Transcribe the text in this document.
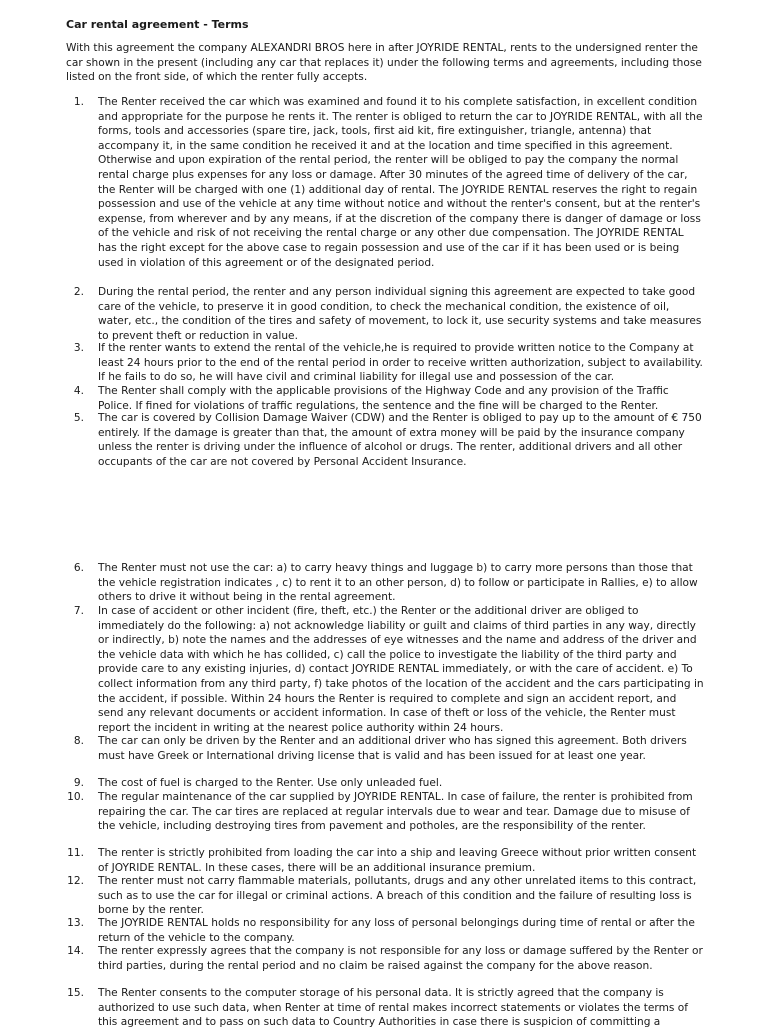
Car rental agreement - Terms
With this agreement the company ALEXANDRI BROS here in after JOYRIDE RENTAL, rents to the undersigned renter the car shown in the present (including any car that replaces it) under the following terms and agreements, including those listed on the front side, of which the renter fully accepts.
1. The Renter received the car which was examined and found it to his complete satisfaction, in excellent condition and appropriate for the purpose he rents it. The renter is obliged to return the car to JOYRIDE RENTAL, with all the forms, tools and accessories (spare tire, jack, tools, first aid kit, fire extinguisher, triangle, antenna) that accompany it, in the same condition he received it and at the location and time specified in this agreement. Otherwise and upon expiration of the rental period, the renter will be obliged to pay the company the normal rental charge plus expenses for any loss or damage. After 30 minutes of the agreed time of delivery of the car, the Renter will be charged with one (1) additional day of rental. The JOYRIDE RENTAL reserves the right to regain possession and use of the vehicle at any time without notice and without the renter's consent, but at the renter's expense, from wherever and by any means, if at the discretion of the company there is danger of damage or loss of the vehicle and risk of not receiving the rental charge or any other due compensation. The JOYRIDE RENTAL has the right except for the above case to regain possession and use of the car if it has been used or is being used in violation of this agreement or of the designated period.
2. During the rental period, the renter and any person individual signing this agreement are expected to take good care of the vehicle, to preserve it in good condition, to check the mechanical condition, the existence of oil, water, etc., the condition of the tires and safety of movement, to lock it, use security systems and take measures to prevent theft or reduction in value.
3. If the renter wants to extend the rental of the vehicle,he is required to provide written notice to the Company at least 24 hours prior to the end of the rental period in order to receive written authorization, subject to availability. If he fails to do so, he will have civil and criminal liability for illegal use and possession of the car.
4. The Renter shall comply with the applicable provisions of the Highway Code and any provision of the Traffic Police. If fined for violations of traffic regulations, the sentence and the fine will be charged to the Renter.
5. The car is covered by Collision Damage Waiver (CDW) and the Renter is obliged to pay up to the amount of € 750 entirely. If the damage is greater than that, the amount of extra money will be paid by the insurance company unless the renter is driving under the influence of alcohol or drugs. The renter, additional drivers and all other occupants of the car are not covered by Personal Accident Insurance.
6. The Renter must not use the car: a) to carry heavy things and luggage b) to carry more persons than those that the vehicle registration indicates , c) to rent it to an other person, d) to follow or participate in Rallies, e) to allow others to drive it without being in the rental agreement.
7. In case of accident or other incident (fire, theft, etc.) the Renter or the additional driver are obliged to immediately do the following: a) not acknowledge liability or guilt and claims of third parties in any way, directly or indirectly, b) note the names and the addresses of eye witnesses and the name and address of the driver and the vehicle data with which he has collided, c) call the police to investigate the liability of the third party and provide care to any existing injuries, d) contact JOYRIDE RENTAL immediately, or with the care of accident. e) To collect information from any third party, f) take photos of the location of the accident and the cars participating in the accident, if possible. Within 24 hours the Renter is required to complete and sign an accident report, and send any relevant documents or accident information. In case of theft or loss of the vehicle, the Renter must report the incident in writing at the nearest police authority within 24 hours.
8. The car can only be driven by the Renter and an additional driver who has signed this agreement. Both drivers must have Greek or International driving license that is valid and has been issued for at least one year.
9. The cost of fuel is charged to the Renter. Use only unleaded fuel.
10. The regular maintenance of the car supplied by JOYRIDE RENTAL. In case of failure, the renter is prohibited from repairing the car. The car tires are replaced at regular intervals due to wear and tear. Damage due to misuse of the vehicle, including destroying tires from pavement and potholes, are the responsibility of the renter.
11. The renter is strictly prohibited from loading the car into a ship and leaving Greece without prior written consent of JOYRIDE RENTAL. In these cases, there will be an additional insurance premium.
12. The renter must not carry flammable materials, pollutants, drugs and any other unrelated items to this contract, such as to use the car for illegal or criminal actions. A breach of this condition and the failure of resulting loss is borne by the renter.
13. The JOYRIDE RENTAL holds no responsibility for any loss of personal belongings during time of rental or after the return of the vehicle to the company.
14. The renter expressly agrees that the company is not responsible for any loss or damage suffered by the Renter or third parties, during the rental period and no claim be raised against the company for the above reason.
15. The Renter consents to the computer storage of his personal data. It is strictly agreed that the company is authorized to use such data, when Renter at time of rental makes incorrect statements or violates the terms of this agreement and to pass on such data to Country Authorities in case there is suspicion of committing a
